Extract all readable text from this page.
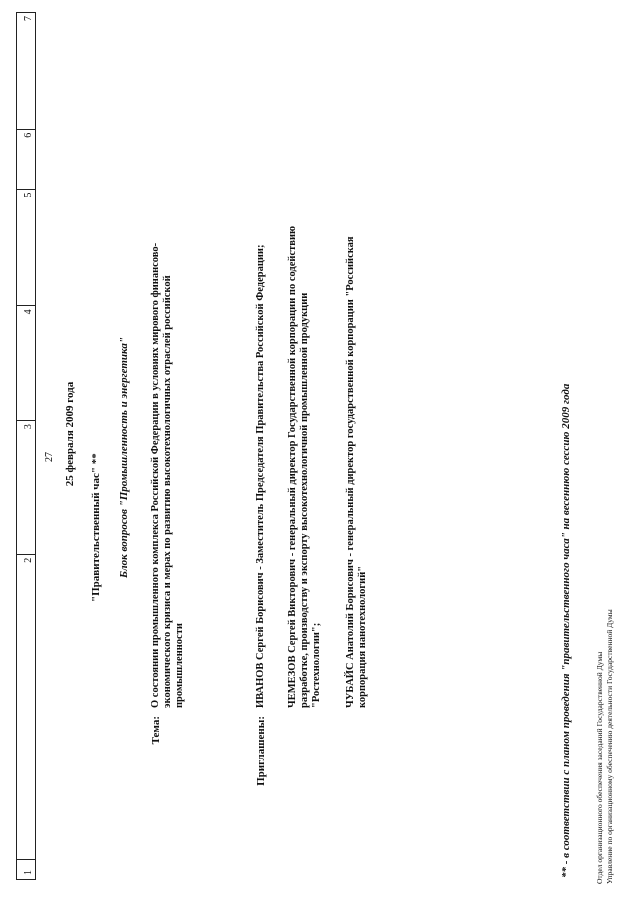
1
2
3
4
5
6
7
27 25 февраля 2009 года
"Правительственный час" ** Блок вопросов "Промышленность и энергетика"
Тема:
О состоянии промышленного комплекса Российской Федерации в условиях мирового финансово- экономического кризиса и мерах по развитию высокотехнологичных отраслей российской промышленности
Приглашены:
ИВАНОВ Сергей Борисович - Заместитель Председателя Правительства Российской Федерации; ЧЕМЕЗОВ Сергей Викторович - генеральный директор Государственной корпорации по содействию разработке, производству и экспорту высокотехнологичной промышленной продукции "Ростехнологии"; ЧУБАЙС Анатолий Борисович - генеральный директор государственной корпорации "Российская корпорация нанотехнологий"	** - в соответствии с планом проведения "правительственного часа" на весеннюю сессию 2009 года	Отдел организационного обеспечения заседаний Государственной Думы Управление по организационному обеспечению деятельности Государственной Думы
